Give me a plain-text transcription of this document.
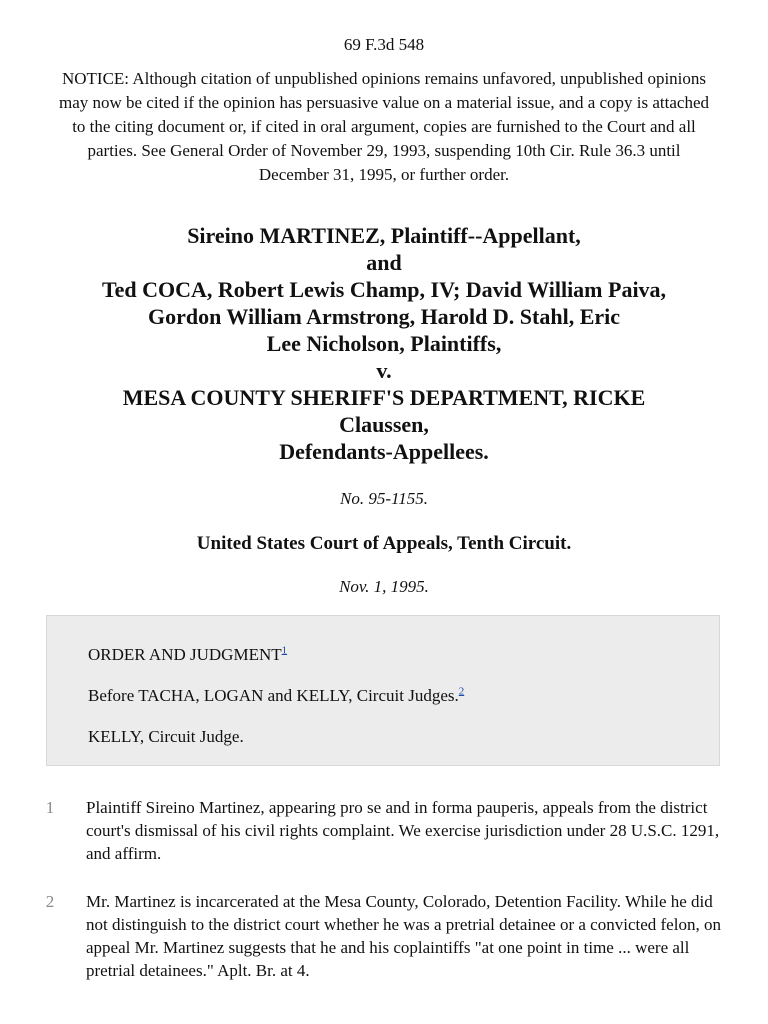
69 F.3d 548
NOTICE: Although citation of unpublished opinions remains unfavored, unpublished opinions may now be cited if the opinion has persuasive value on a material issue, and a copy is attached to the citing document or, if cited in oral argument, copies are furnished to the Court and all parties. See General Order of November 29, 1993, suspending 10th Cir. Rule 36.3 until December 31, 1995, or further order.
Sireino MARTINEZ, Plaintiff--Appellant,
and
Ted COCA, Robert Lewis Champ, IV; David William Paiva,
Gordon William Armstrong, Harold D. Stahl, Eric
Lee Nicholson, Plaintiffs,
v.
MESA COUNTY SHERIFF'S DEPARTMENT, RICKE
Claussen,
Defendants-Appellees.
No. 95-1155.
United States Court of Appeals, Tenth Circuit.
Nov. 1, 1995.
ORDER AND JUDGMENT$^1$
Before TACHA, LOGAN and KELLY, Circuit Judges.$^2$
KELLY, Circuit Judge.
1 Plaintiff Sireino Martinez, appearing pro se and in forma pauperis, appeals from the district court's dismissal of his civil rights complaint. We exercise jurisdiction under 28 U.S.C. 1291, and affirm.
2 Mr. Martinez is incarcerated at the Mesa County, Colorado, Detention Facility. While he did not distinguish to the district court whether he was a pretrial detainee or a convicted felon, on appeal Mr. Martinez suggests that he and his coplaintiffs "at one point in time ... were all pretrial detainees." Aplt. Br. at 4.
